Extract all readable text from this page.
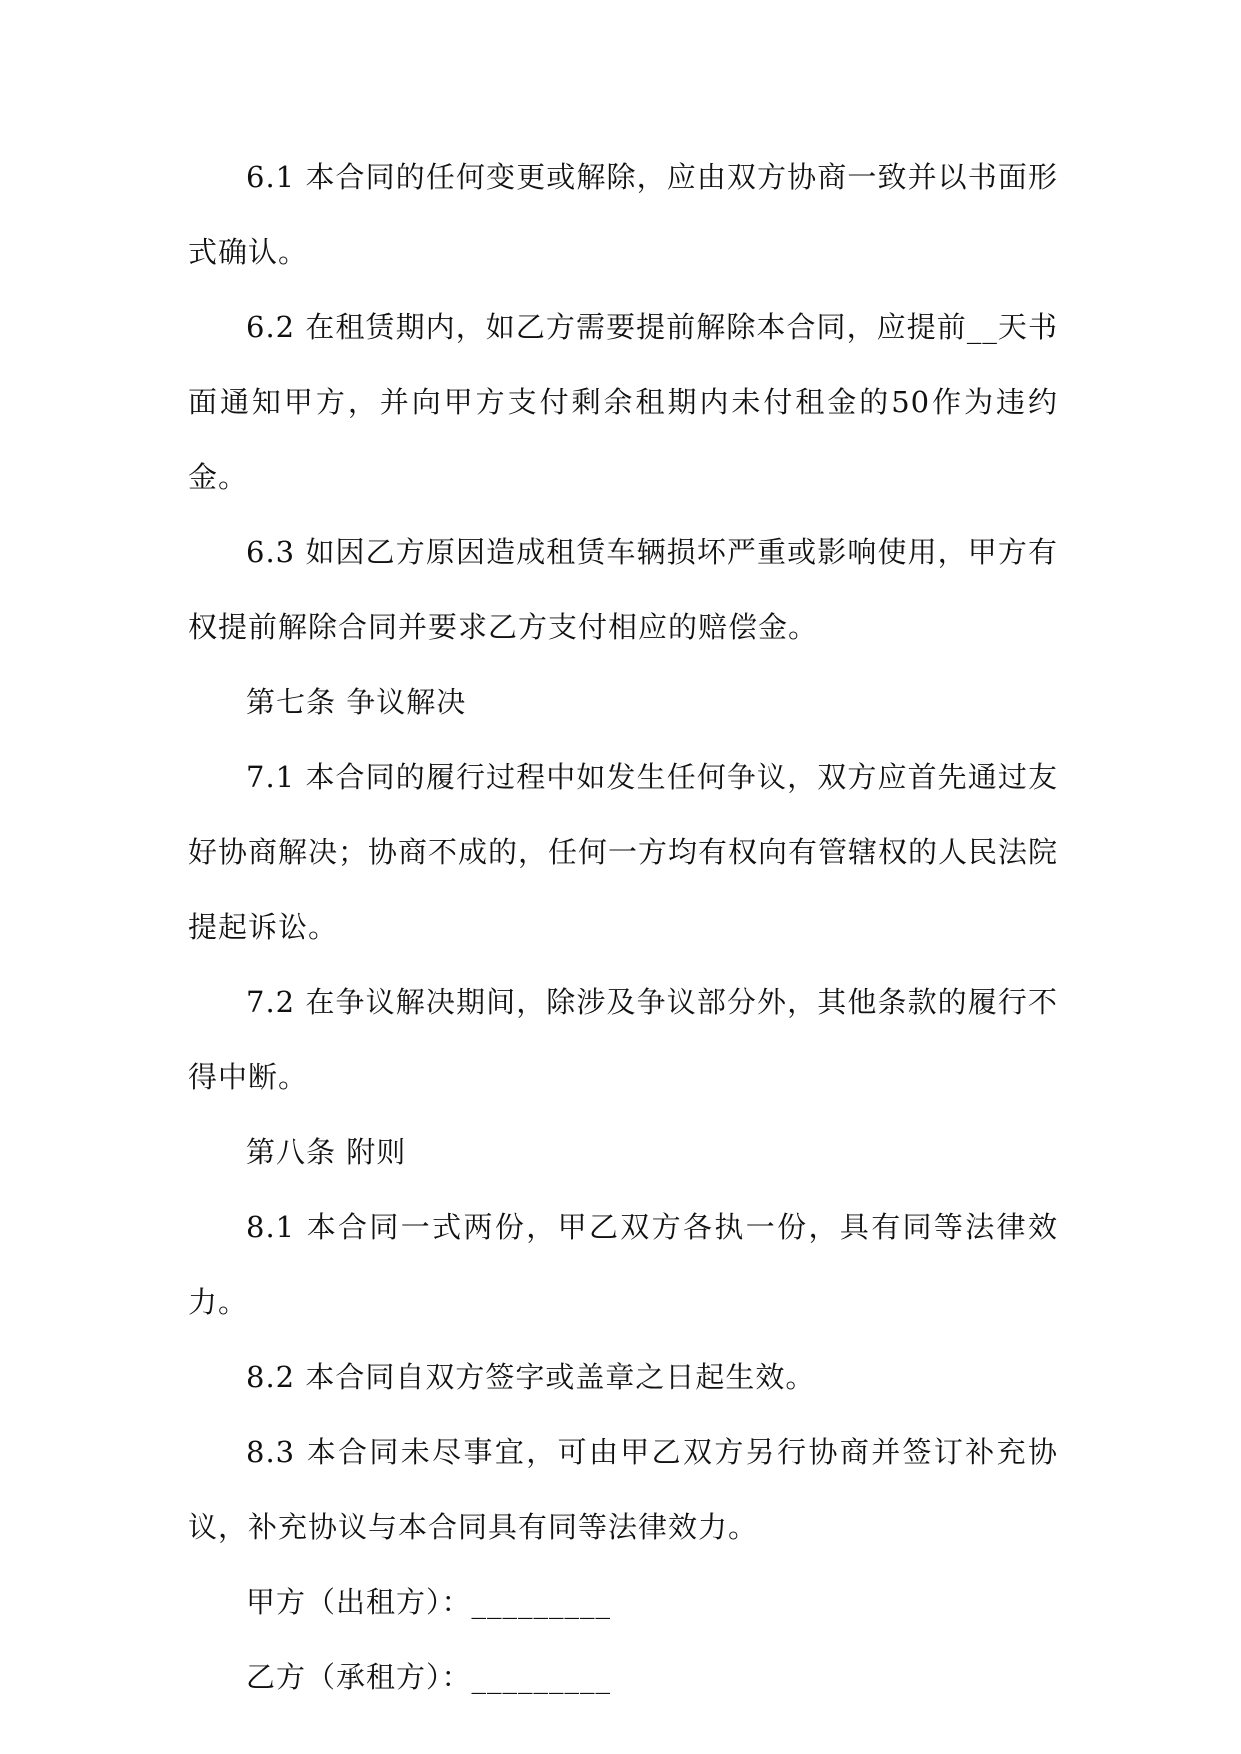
6.1 本合同的任何变更或解除，应由双方协商一致并以书面形式确认。

6.2 在租赁期内，如乙方需要提前解除本合同，应提前__天书面通知甲方，并向甲方支付剩余租期内未付租金的50作为违约金。

6.3 如因乙方原因造成租赁车辆损坏严重或影响使用，甲方有权提前解除合同并要求乙方支付相应的赔偿金。

第七条 争议解决

7.1 本合同的履行过程中如发生任何争议，双方应首先通过友好协商解决；协商不成的，任何一方均有权向有管辖权的人民法院提起诉讼。

7.2 在争议解决期间，除涉及争议部分外，其他条款的履行不得中断。

第八条 附则

8.1 本合同一式两份，甲乙双方各执一份，具有同等法律效力。

8.2 本合同自双方签字或盖章之日起生效。

8.3 本合同未尽事宜，可由甲乙双方另行协商并签订补充协议，补充协议与本合同具有同等法律效力。

甲方（出租方）：_________

乙方（承租方）：_________
